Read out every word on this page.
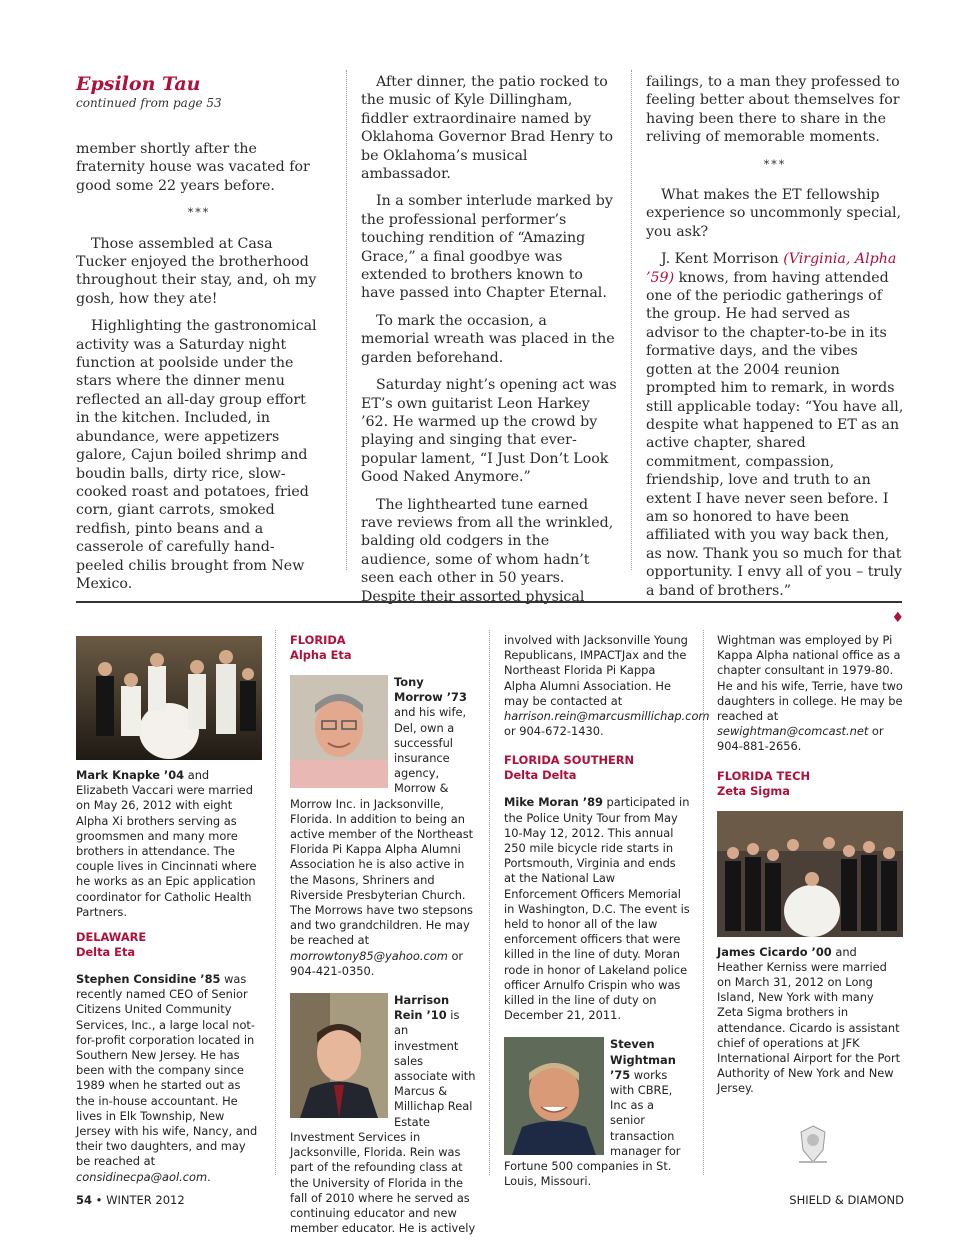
Epsilon Tau
continued from page 53

member shortly after the fraternity house was vacated for good some 22 years before.

***

Those assembled at Casa Tucker enjoyed the brotherhood throughout their stay, and, oh my gosh, how they ate!

Highlighting the gastronomical activity was a Saturday night function at poolside under the stars where the dinner menu reflected an all-day group effort in the kitchen. Included, in abundance, were appetizers galore, Cajun boiled shrimp and boudin balls, dirty rice, slow-cooked roast and potatoes, fried corn, giant carrots, smoked redfish, pinto beans and a casserole of carefully hand-peeled chilis brought from New Mexico.

After dinner, the patio rocked to the music of Kyle Dillingham, fiddler extraordinaire named by Oklahoma Governor Brad Henry to be Oklahoma’s musical ambassador.

In a somber interlude marked by the professional performer’s touching rendition of “Amazing Grace,” a final goodbye was extended to brothers known to have passed into Chapter Eternal.

To mark the occasion, a memorial wreath was placed in the garden beforehand.

Saturday night’s opening act was ET’s own guitarist Leon Harkey ’62. He warmed up the crowd by playing and singing that ever-popular lament, “I Just Don’t Look Good Naked Anymore.”

The lighthearted tune earned rave reviews from all the wrinkled, balding old codgers in the audience, some of whom hadn’t seen each other in 50 years. Despite their assorted physical

failings, to a man they professed to feeling better about themselves for having been there to share in the reliving of memorable moments.

***

What makes the ET fellowship experience so uncommonly special, you ask?

J. Kent Morrison (Virginia, Alpha ’59) knows, from having attended one of the periodic gatherings of the group. He had served as advisor to the chapter-to-be in its formative days, and the vibes gotten at the 2004 reunion prompted him to remark, in words still applicable today: “You have all, despite what happened to ET as an active chapter, shared commitment, compassion, friendship, love and truth to an extent I have never seen before. I am so honored to have been affiliated with you way back then, as now. Thank you so much for that opportunity. I envy all of you – truly a band of brothers.”

♦

Mark Knapke ’04 and Elizabeth Vaccari were married on May 26, 2012 with eight Alpha Xi brothers serving as groomsmen and many more brothers in attendance. The couple lives in Cincinnati where he works as an Epic application coordinator for Catholic Health Partners.

DELAWARE
Delta Eta

Stephen Considine ’85 was recently named CEO of Senior Citizens United Community Services, Inc., a large local not-for-profit corporation located in Southern New Jersey. He has been with the company since 1989 when he started out as the in-house accountant. He lives in Elk Township, New Jersey with his wife, Nancy, and their two daughters, and may be reached at considinecpa@aol.com.

FLORIDA
Alpha Eta

Tony Morrow ’73 and his wife, Del, own a successful insurance agency, Morrow & Morrow Inc. in Jacksonville, Florida. In addition to being an active member of the Northeast Florida Pi Kappa Alpha Alumni Association he is also active in the Masons, Shriners and Riverside Presbyterian Church. The Morrows have two stepsons and two grandchildren. He may be reached at morrowtony85@yahoo.com or 904-421-0350.

Harrison Rein ’10 is an investment sales associate with Marcus & Millichap Real Estate Investment Services in Jacksonville, Florida. Rein was part of the refounding class at the University of Florida in the fall of 2010 where he served as continuing educator and new member educator. He is actively

involved with Jacksonville Young Republicans, IMPACTJax and the Northeast Florida Pi Kappa Alpha Alumni Association. He may be contacted at harrison.rein@marcusmillichap.com or 904-672-1430.

FLORIDA SOUTHERN
Delta Delta

Mike Moran ’89 participated in the Police Unity Tour from May 10-May 12, 2012. This annual 250 mile bicycle ride starts in Portsmouth, Virginia and ends at the National Law Enforcement Officers Memorial in Washington, D.C. The event is held to honor all of the law enforcement officers that were killed in the line of duty. Moran rode in honor of Lakeland police officer Arnulfo Crispin who was killed in the line of duty on December 21, 2011.

Steven Wightman ’75 works with CBRE, Inc as a senior transaction manager for Fortune 500 companies in St. Louis, Missouri.

Wightman was employed by Pi Kappa Alpha national office as a chapter consultant in 1979-80. He and his wife, Terrie, have two daughters in college. He may be reached at sewightman@comcast.net or 904-881-2656.

FLORIDA TECH
Zeta Sigma

James Cicardo ’00 and Heather Kerniss were married on March 31, 2012 on Long Island, New York with many Zeta Sigma brothers in attendance. Cicardo is assistant chief of operations at JFK International Airport for the Port Authority of New York and New Jersey.

54 • WINTER 2012	SHIELD & DIAMOND
